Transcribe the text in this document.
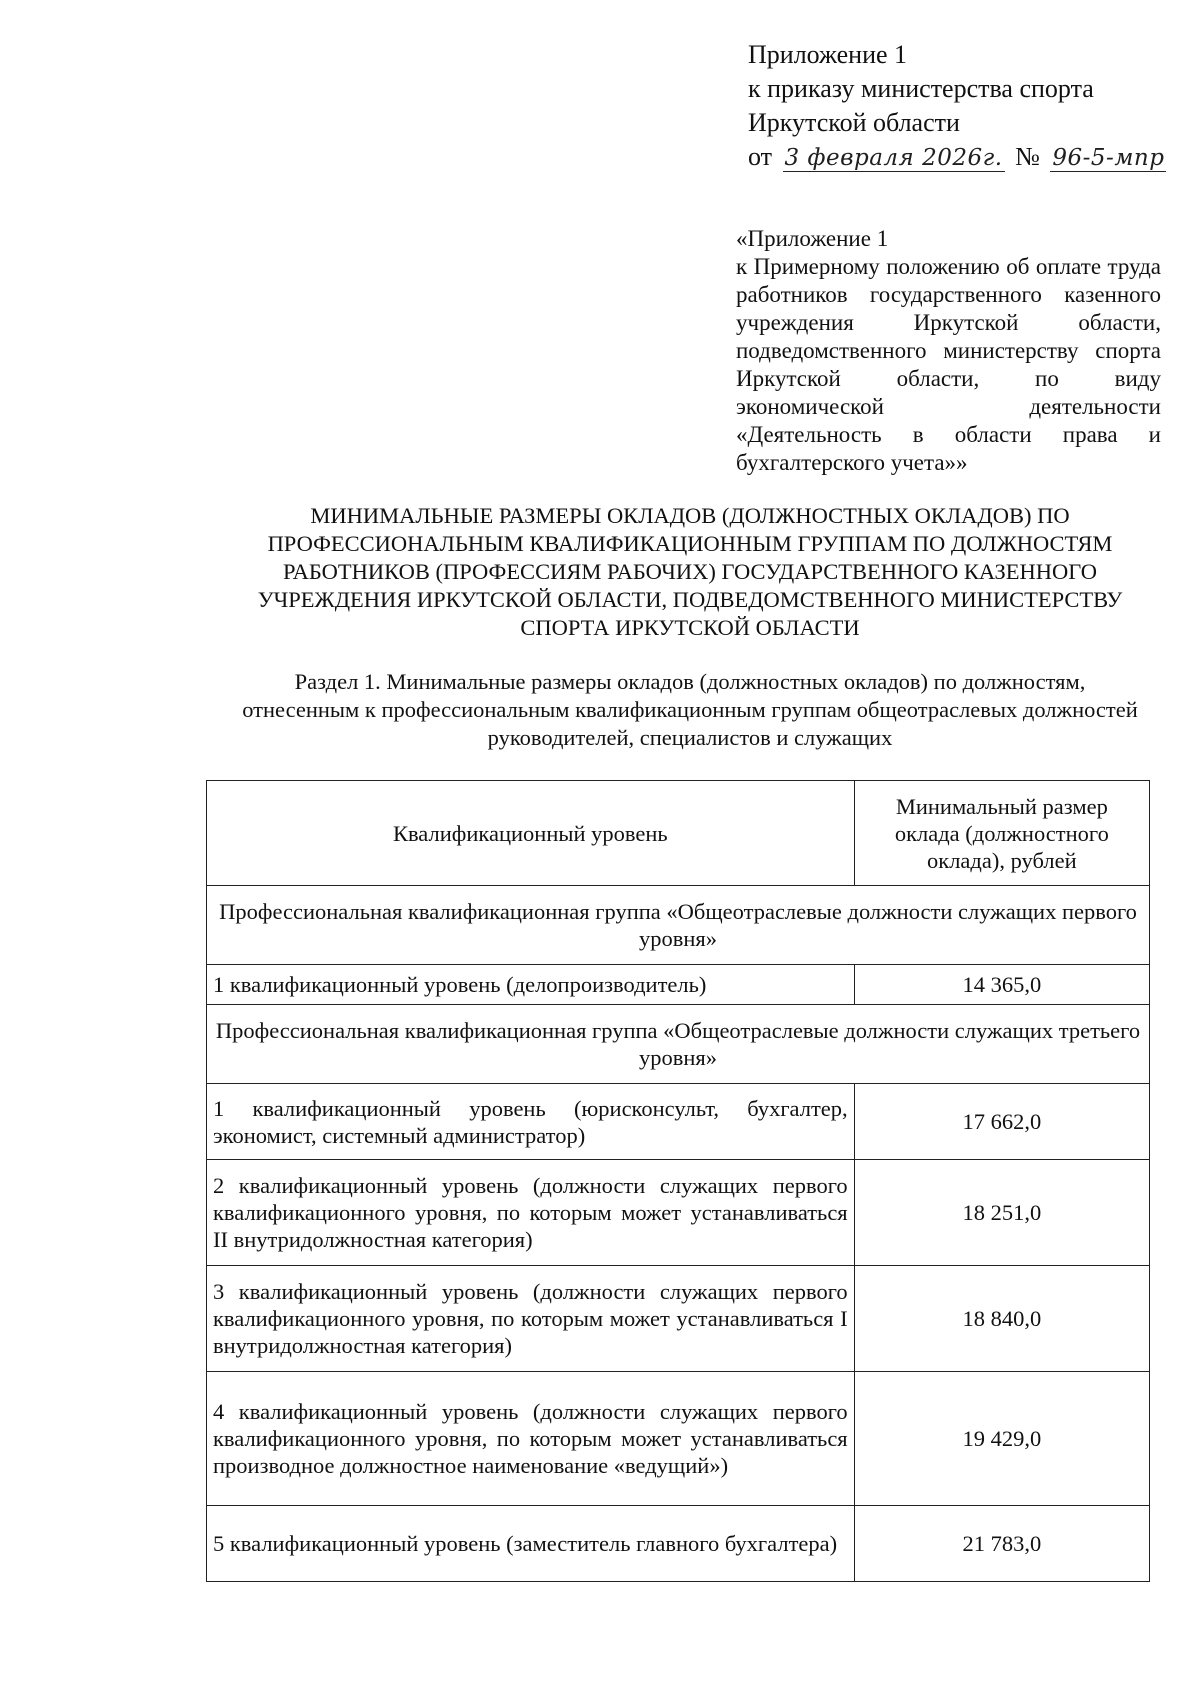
Приложение 1
к приказу министерства спорта
Иркутской области
от 3 февраля 2026г. № 96-5-мпр
«Приложение 1
к Примерному положению об оплате труда работников государственного казенного учреждения Иркутской области, подведомственного министерству спорта Иркутской области, по виду экономической деятельности «Деятельность в области права и бухгалтерского учета»»
МИНИМАЛЬНЫЕ РАЗМЕРЫ ОКЛАДОВ (ДОЛЖНОСТНЫХ ОКЛАДОВ) ПО
ПРОФЕССИОНАЛЬНЫМ КВАЛИФИКАЦИОННЫМ ГРУППАМ ПО ДОЛЖНОСТЯМ
РАБОТНИКОВ (ПРОФЕССИЯМ РАБОЧИХ) ГОСУДАРСТВЕННОГО КАЗЕННОГО
УЧРЕЖДЕНИЯ ИРКУТСКОЙ ОБЛАСТИ, ПОДВЕДОМСТВЕННОГО МИНИСТЕРСТВУ
СПОРТА ИРКУТСКОЙ ОБЛАСТИ
Раздел 1. Минимальные размеры окладов (должностных окладов) по должностям,
отнесенным к профессиональным квалификационным группам общеотраслевых должностей
руководителей, специалистов и служащих
Квалификационный уровень	Минимальный размер оклада (должностного оклада), рублей
Профессиональная квалификационная группа «Общеотраслевые должности служащих первого уровня»	
1 квалификационный уровень (делопроизводитель)	14 365,0
Профессиональная квалификационная группа «Общеотраслевые должности служащих третьего уровня»	
1 квалификационный уровень (юрисконсульт, бухгалтер, экономист, системный администратор)	17 662,0
2 квалификационный уровень (должности служащих первого квалификационного уровня, по которым может устанавливаться II внутридолжностная категория)	18 251,0
3 квалификационный уровень (должности служащих первого квалификационного уровня, по которым может устанавливаться I внутридолжностная категория)	18 840,0
4 квалификационный уровень (должности служащих первого квалификационного уровня, по которым может устанавливаться производное должностное наименование «ведущий»)	19 429,0
5 квалификационный уровень (заместитель главного бухгалтера)	21 783,0
